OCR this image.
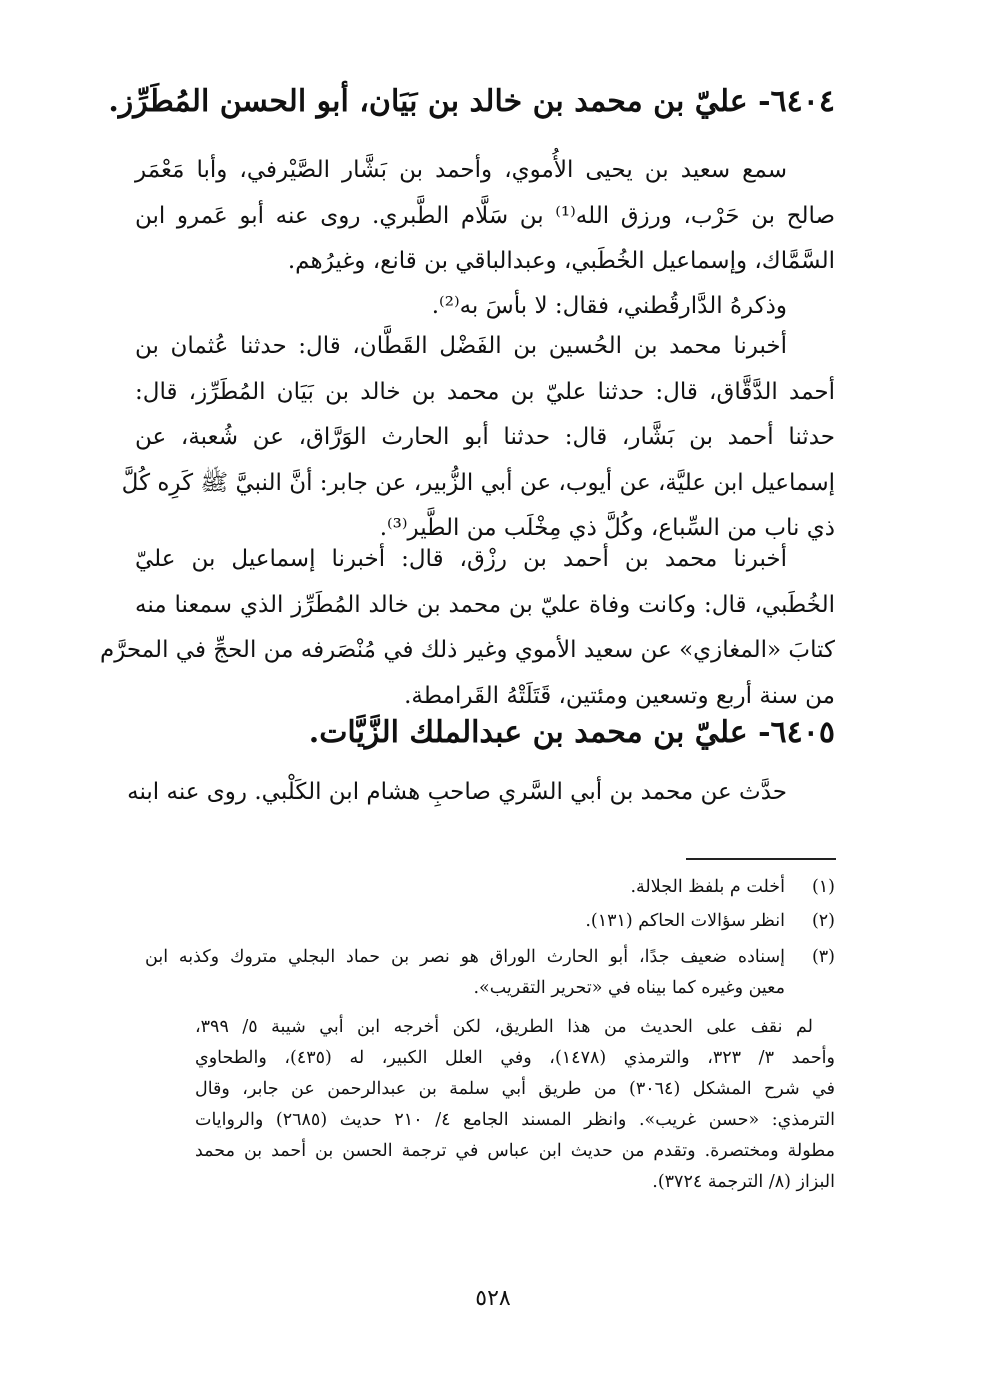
٦٤٠٤- عليّ بن محمد بن خالد بن بَيَان، أبو الحسن المُطَرِّز.
سمع سعيد بن يحيى الأُموي، وأحمد بن بَشَّار الصَّيْرفي، وأبا مَعْمَر
صالح بن حَرْب، ورزق الله⁽¹⁾ بن سَلَّام الطَّبري. روى عنه أبو عَمرو ابن
السَّمَّاك، وإسماعيل الخُطَبي، وعبدالباقي بن قانع، وغيرُهم.
وذكرهُ الدَّارقُطني، فقال: لا بأسَ به⁽²⁾.
أخبرنا محمد بن الحُسين بن الفَضْل القَطَّان، قال: حدثنا عُثمان بن
أحمد الدَّقَّاق، قال: حدثنا عليّ بن محمد بن خالد بن بَيَان المُطَرِّز، قال:
حدثنا أحمد بن بَشَّار، قال: حدثنا أبو الحارث الوَرَّاق، عن شُعبة، عن
إسماعيل ابن عليَّة، عن أيوب، عن أبي الزُّبير، عن جابر: أنَّ النبيَّ ﷺ كَرِه كُلَّ
ذي ناب من السِّباع، وكُلَّ ذي مِخْلَب من الطَّير⁽³⁾.
أخبرنا محمد بن أحمد بن رزْق، قال: أخبرنا إسماعيل بن عليّ
الخُطَبي، قال: وكانت وفاة عليّ بن محمد بن خالد المُطَرِّز الذي سمعنا منه
كتابَ «المغازي» عن سعيد الأموي وغير ذلك في مُنْصَرفه من الحجِّ في المحرَّم
من سنة أربع وتسعين ومئتين، قَتَلَتْهُ القَرامطة.
٦٤٠٥- عليّ بن محمد بن عبدالملك الزَّيَّات.
حدَّث عن محمد بن أبي السَّري صاحبِ هشام ابن الكَلْبي. روى عنه ابنه
(١)
أخلت م بلفظ الجلالة.
(٢)
انظر سؤالات الحاكم (١٣١).
(٣)
إسناده ضعيف جدًا، أبو الحارث الوراق هو نصر بن حماد البجلي متروك وكذبه ابن
معين وغيره كما بيناه في «تحرير التقريب».
لم نقف على الحديث من هذا الطريق، لكن أخرجه ابن أبي شيبة ٥/ ٣٩٩،
وأحمد ٣/ ٣٢٣، والترمذي (١٤٧٨)، وفي العلل الكبير، له (٤٣٥)، والطحاوي
في شرح المشكل (٣٠٦٤) من طريق أبي سلمة بن عبدالرحمن عن جابر، وقال
الترمذي: «حسن غريب». وانظر المسند الجامع ٤/ ٢١٠ حديث (٢٦٨٥) والروايات
مطولة ومختصرة. وتقدم من حديث ابن عباس في ترجمة الحسن بن أحمد بن محمد
البزاز (٨/ الترجمة ٣٧٢٤).
٥٢٨
